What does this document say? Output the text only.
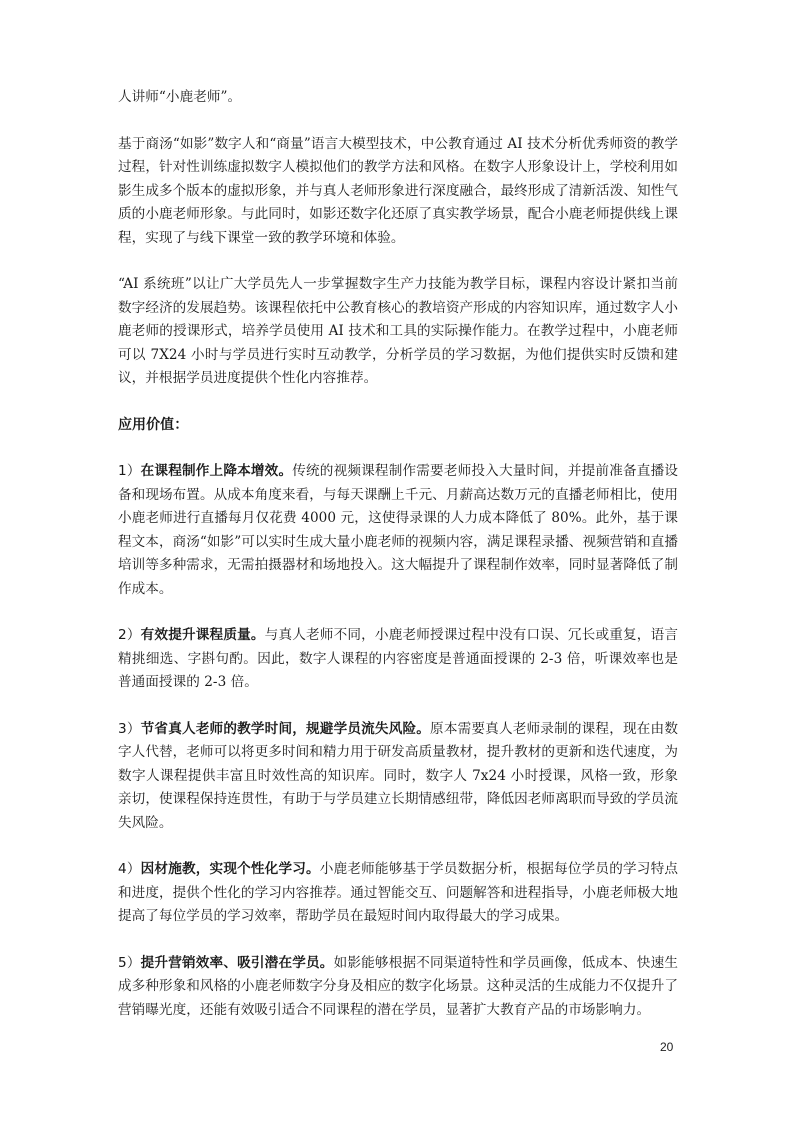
人讲师“小鹿老师”。

基于商汤“如影”数字人和“商量”语言大模型技术，中公教育通过 AI 技术分析优秀师资的教学过程，针对性训练虚拟数字人模拟他们的教学方法和风格。在数字人形象设计上，学校利用如影生成多个版本的虚拟形象，并与真人老师形象进行深度融合，最终形成了清新活泼、知性气质的小鹿老师形象。与此同时，如影还数字化还原了真实教学场景，配合小鹿老师提供线上课程，实现了与线下课堂一致的教学环境和体验。

“AI 系统班”以让广大学员先人一步掌握数字生产力技能为教学目标，课程内容设计紧扣当前数字经济的发展趋势。该课程依托中公教育核心的教培资产形成的内容知识库，通过数字人小鹿老师的授课形式，培养学员使用 AI 技术和工具的实际操作能力。在教学过程中，小鹿老师可以 7X24 小时与学员进行实时互动教学，分析学员的学习数据，为他们提供实时反馈和建议，并根据学员进度提供个性化内容推荐。

应用价值：

1）在课程制作上降本增效。传统的视频课程制作需要老师投入大量时间，并提前准备直播设备和现场布置。从成本角度来看，与每天课酬上千元、月薪高达数万元的直播老师相比，使用小鹿老师进行直播每月仅花费 4000 元，这使得录课的人力成本降低了 80%。此外，基于课程文本，商汤“如影”可以实时生成大量小鹿老师的视频内容，满足课程录播、视频营销和直播培训等多种需求，无需拍摄器材和场地投入。这大幅提升了课程制作效率，同时显著降低了制作成本。

2）有效提升课程质量。与真人老师不同，小鹿老师授课过程中没有口误、冗长或重复，语言精挑细选、字斟句酌。因此，数字人课程的内容密度是普通面授课的 2-3 倍，听课效率也是普通面授课的 2-3 倍。

3）节省真人老师的教学时间，规避学员流失风险。原本需要真人老师录制的课程，现在由数字人代替，老师可以将更多时间和精力用于研发高质量教材，提升教材的更新和迭代速度，为数字人课程提供丰富且时效性高的知识库。同时，数字人 7x24 小时授课，风格一致，形象亲切，使课程保持连贯性，有助于与学员建立长期情感纽带，降低因老师离职而导致的学员流失风险。

4）因材施教，实现个性化学习。小鹿老师能够基于学员数据分析，根据每位学员的学习特点和进度，提供个性化的学习内容推荐。通过智能交互、问题解答和进程指导，小鹿老师极大地提高了每位学员的学习效率，帮助学员在最短时间内取得最大的学习成果。

5）提升营销效率、吸引潜在学员。如影能够根据不同渠道特性和学员画像，低成本、快速生成多种形象和风格的小鹿老师数字分身及相应的数字化场景。这种灵活的生成能力不仅提升了营销曝光度，还能有效吸引适合不同课程的潜在学员，显著扩大教育产品的市场影响力。

20
